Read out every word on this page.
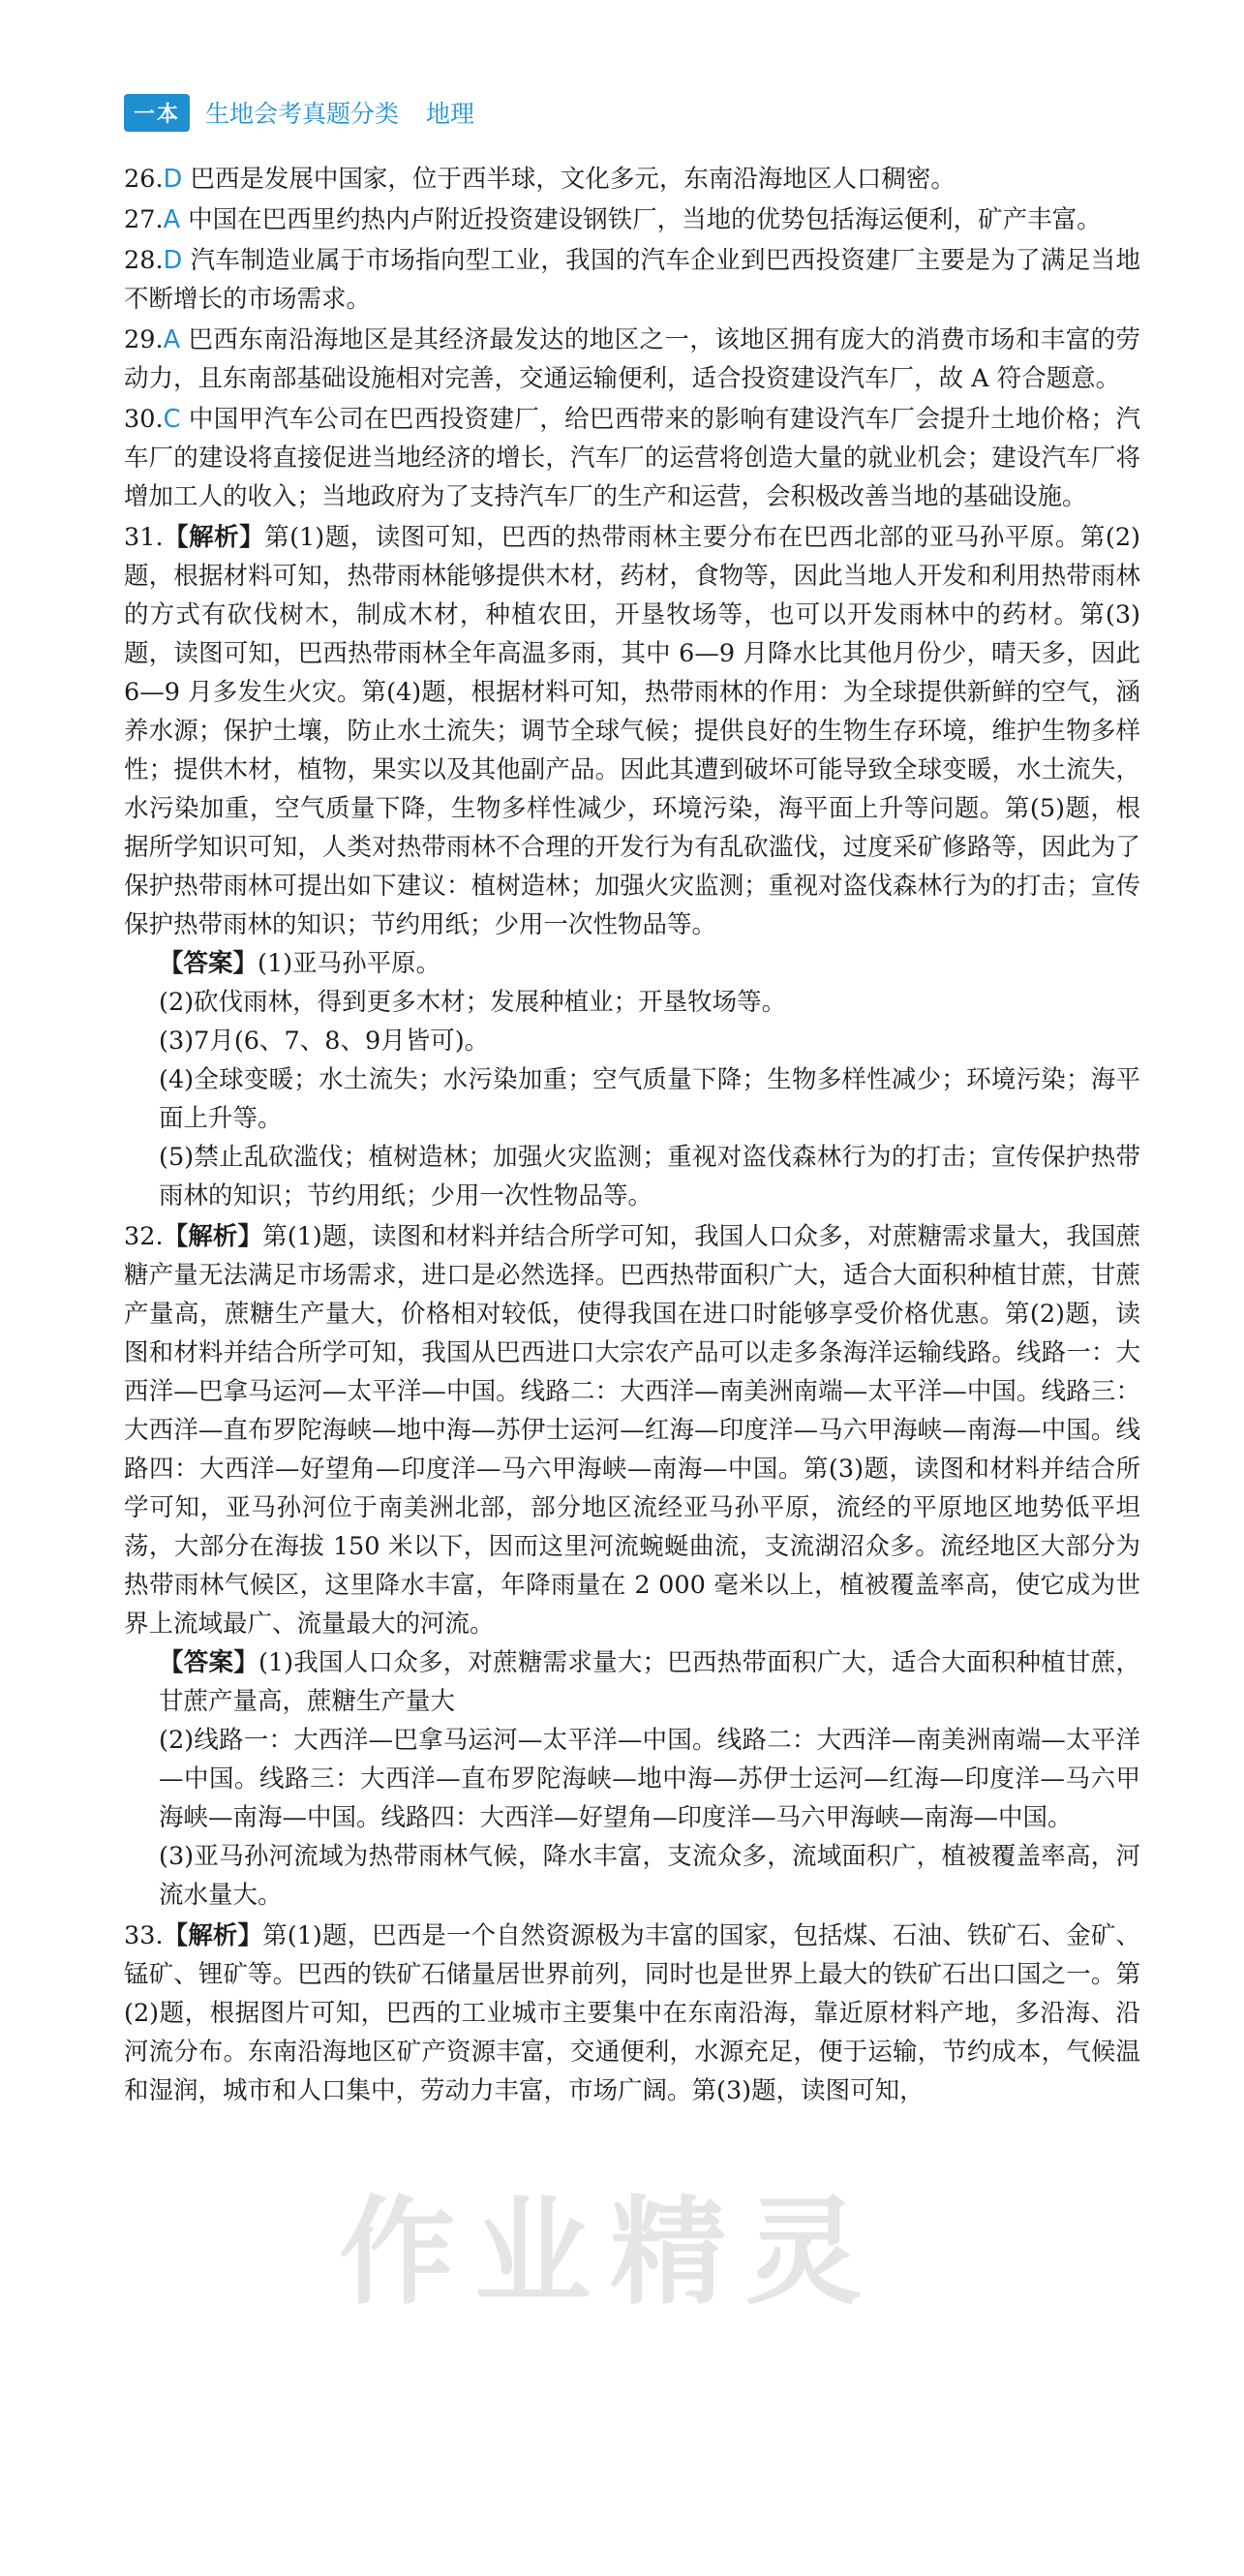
一本	生地会考真题分类 地理

26.D 巴西是发展中国家，位于西半球，文化多元，东南沿海地区人口稠密。

27.A 中国在巴西里约热内卢附近投资建设钢铁厂，当地的优势包括海运便利，矿产丰富。

28.D 汽车制造业属于市场指向型工业，我国的汽车企业到巴西投资建厂主要是为了满足当地不断增长的市场需求。

29.A 巴西东南沿海地区是其经济最发达的地区之一，该地区拥有庞大的消费市场和丰富的劳动力，且东南部基础设施相对完善，交通运输便利，适合投资建设汽车厂，故 A 符合题意。

30.C 中国甲汽车公司在巴西投资建厂，给巴西带来的影响有建设汽车厂会提升土地价格；汽车厂的建设将直接促进当地经济的增长，汽车厂的运营将创造大量的就业机会；建设汽车厂将增加工人的收入；当地政府为了支持汽车厂的生产和运营，会积极改善当地的基础设施。

31.【解析】第(1)题，读图可知，巴西的热带雨林主要分布在巴西北部的亚马孙平原。第(2)题，根据材料可知，热带雨林能够提供木材，药材，食物等，因此当地人开发和利用热带雨林的方式有砍伐树木，制成木材，种植农田，开垦牧场等，也可以开发雨林中的药材。第(3)题，读图可知，巴西热带雨林全年高温多雨，其中 6—9 月降水比其他月份少，晴天多，因此 6—9 月多发生火灾。第(4)题，根据材料可知，热带雨林的作用：为全球提供新鲜的空气，涵养水源；保护土壤，防止水土流失；调节全球气候；提供良好的生物生存环境，维护生物多样性；提供木材，植物，果实以及其他副产品。因此其遭到破坏可能导致全球变暖，水土流失，水污染加重，空气质量下降，生物多样性减少，环境污染，海平面上升等问题。第(5)题，根据所学知识可知，人类对热带雨林不合理的开发行为有乱砍滥伐，过度采矿修路等，因此为了保护热带雨林可提出如下建议：植树造林；加强火灾监测；重视对盗伐森林行为的打击；宣传保护热带雨林的知识；节约用纸；少用一次性物品等。

【答案】(1)亚马孙平原。

(2)砍伐雨林，得到更多木材；发展种植业；开垦牧场等。

(3)7月(6、7、8、9月皆可)。

(4)全球变暖；水土流失；水污染加重；空气质量下降；生物多样性减少；环境污染；海平面上升等。

(5)禁止乱砍滥伐；植树造林；加强火灾监测；重视对盗伐森林行为的打击；宣传保护热带雨林的知识；节约用纸；少用一次性物品等。

32.【解析】第(1)题，读图和材料并结合所学可知，我国人口众多，对蔗糖需求量大，我国蔗糖产量无法满足市场需求，进口是必然选择。巴西热带面积广大，适合大面积种植甘蔗，甘蔗产量高，蔗糖生产量大，价格相对较低，使得我国在进口时能够享受价格优惠。第(2)题，读图和材料并结合所学可知，我国从巴西进口大宗农产品可以走多条海洋运输线路。线路一：大西洋—巴拿马运河—太平洋—中国。线路二：大西洋—南美洲南端—太平洋—中国。线路三：大西洋—直布罗陀海峡—地中海—苏伊士运河—红海—印度洋—马六甲海峡—南海—中国。线路四：大西洋—好望角—印度洋—马六甲海峡—南海—中国。第(3)题，读图和材料并结合所学可知，亚马孙河位于南美洲北部，部分地区流经亚马孙平原，流经的平原地区地势低平坦荡，大部分在海拔 150 米以下，因而这里河流蜿蜒曲流，支流湖沼众多。流经地区大部分为热带雨林气候区，这里降水丰富，年降雨量在 2 000 毫米以上，植被覆盖率高，使它成为世界上流域最广、流量最大的河流。

【答案】(1)我国人口众多，对蔗糖需求量大；巴西热带面积广大，适合大面积种植甘蔗，甘蔗产量高，蔗糖生产量大

(2)线路一：大西洋—巴拿马运河—太平洋—中国。线路二：大西洋—南美洲南端—太平洋—中国。线路三：大西洋—直布罗陀海峡—地中海—苏伊士运河—红海—印度洋—马六甲海峡—南海—中国。线路四：大西洋—好望角—印度洋—马六甲海峡—南海—中国。

(3)亚马孙河流域为热带雨林气候，降水丰富，支流众多，流域面积广，植被覆盖率高，河流水量大。

33.【解析】第(1)题，巴西是一个自然资源极为丰富的国家，包括煤、石油、铁矿石、金矿、锰矿、锂矿等。巴西的铁矿石储量居世界前列，同时也是世界上最大的铁矿石出口国之一。第(2)题，根据图片可知，巴西的工业城市主要集中在东南沿海，靠近原材料产地，多沿海、沿河流分布。东南沿海地区矿产资源丰富，交通便利，水源充足，便于运输，节约成本，气候温和湿润，城市和人口集中，劳动力丰富，市场广阔。第(3)题，读图可知，

作业精灵
